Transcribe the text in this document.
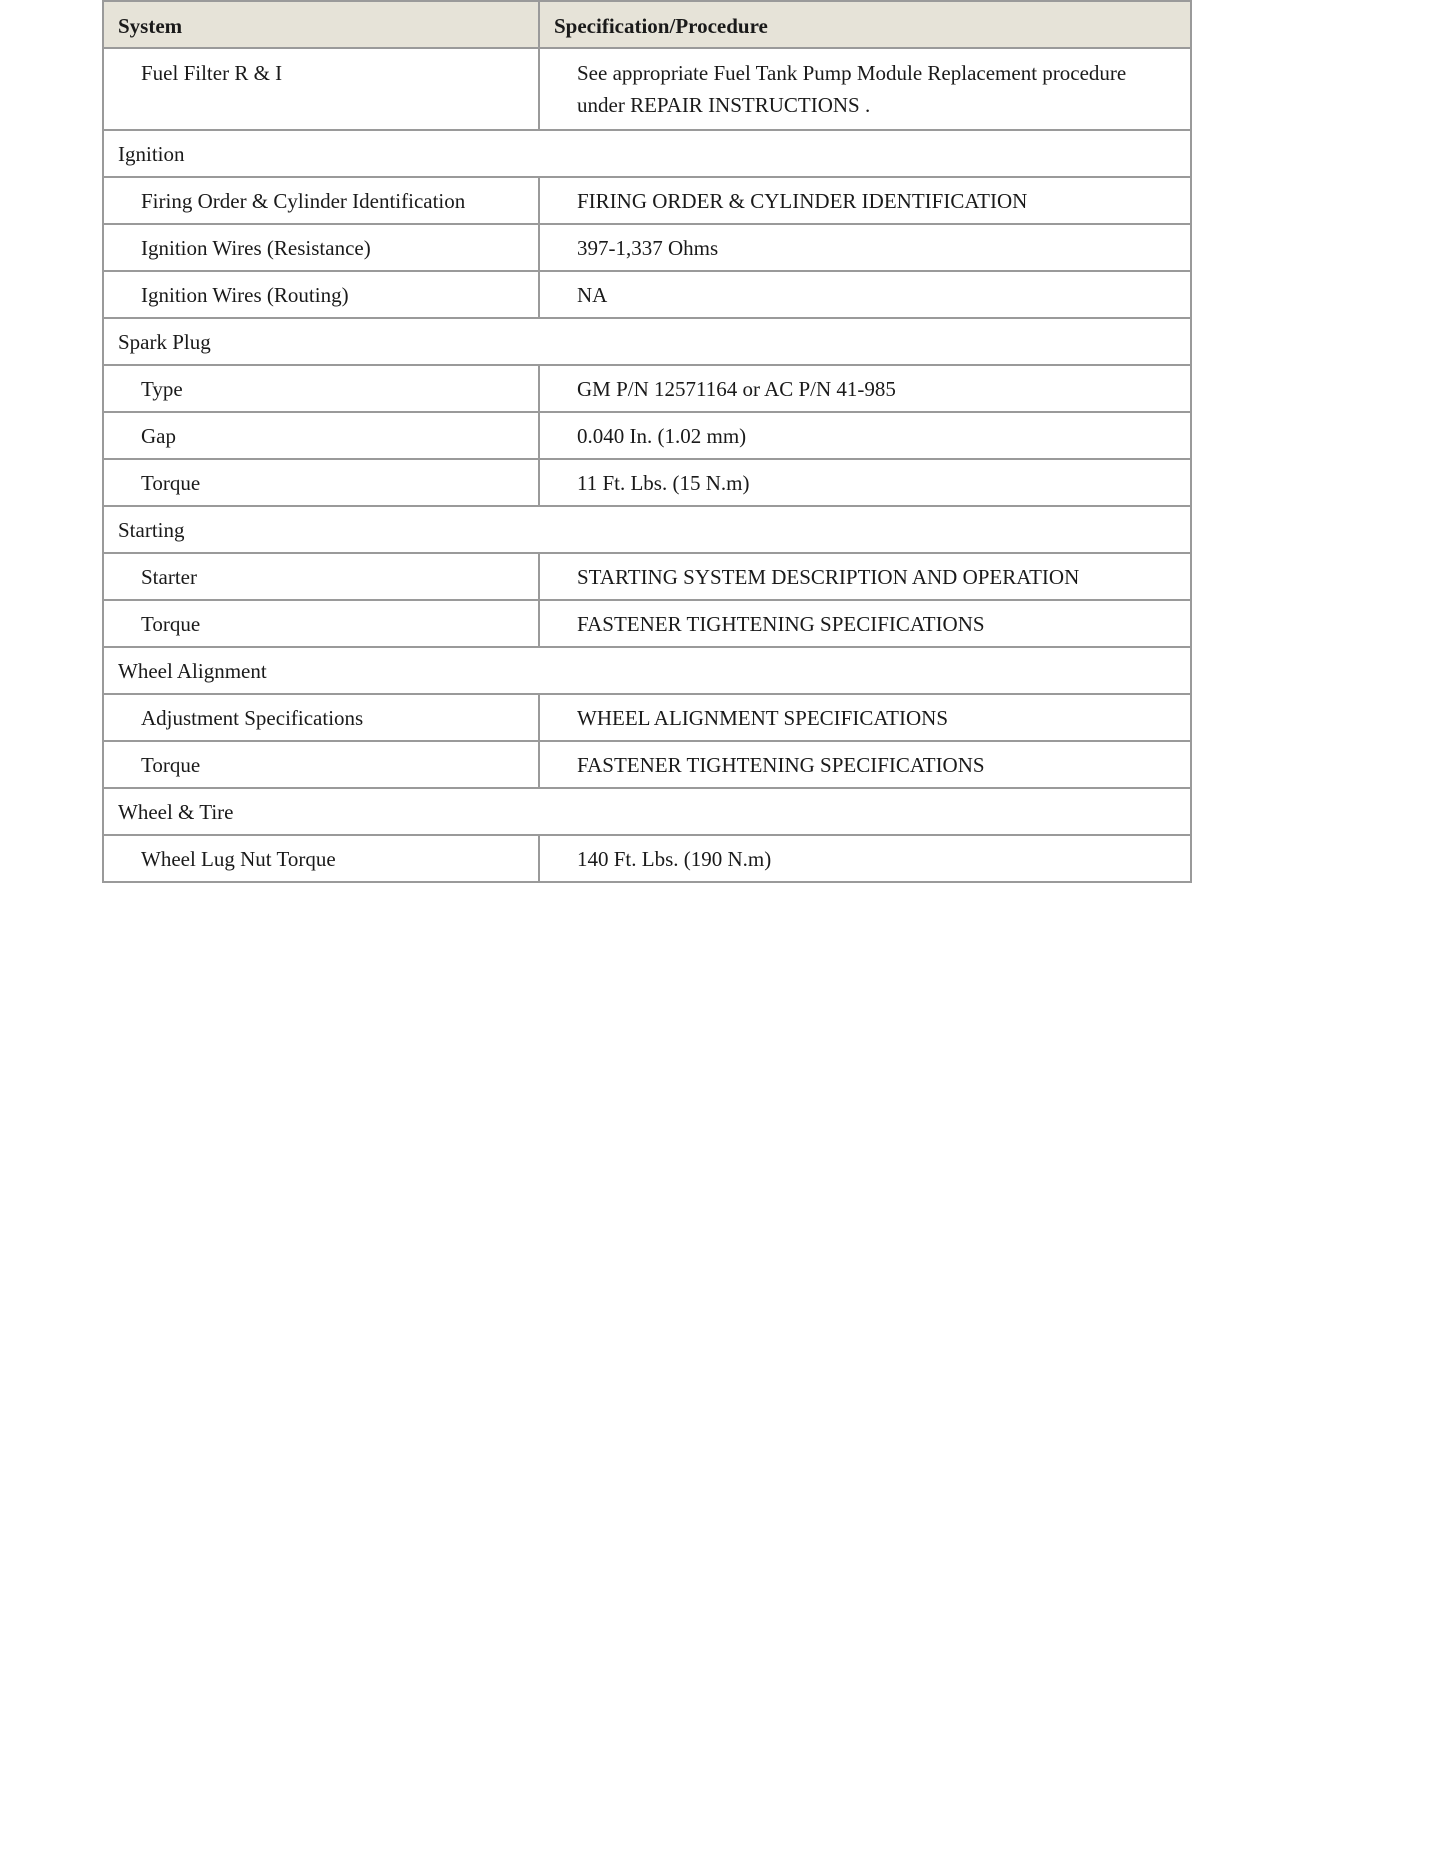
System	Specification/Procedure
Fuel Filter R & I	See appropriate Fuel Tank Pump Module Replacement procedure under REPAIR INSTRUCTIONS .
Ignition	
Firing Order & Cylinder Identification	FIRING ORDER & CYLINDER IDENTIFICATION
Ignition Wires (Resistance)	397-1,337 Ohms
Ignition Wires (Routing)	NA
Spark Plug	
Type	GM P/N 12571164 or AC P/N 41-985
Gap	0.040 In. (1.02 mm)
Torque	11 Ft. Lbs. (15 N.m)
Starting	
Starter	STARTING SYSTEM DESCRIPTION AND OPERATION
Torque	FASTENER TIGHTENING SPECIFICATIONS
Wheel Alignment	
Adjustment Specifications	WHEEL ALIGNMENT SPECIFICATIONS
Torque	FASTENER TIGHTENING SPECIFICATIONS
Wheel & Tire	
Wheel Lug Nut Torque	140 Ft. Lbs. (190 N.m)
